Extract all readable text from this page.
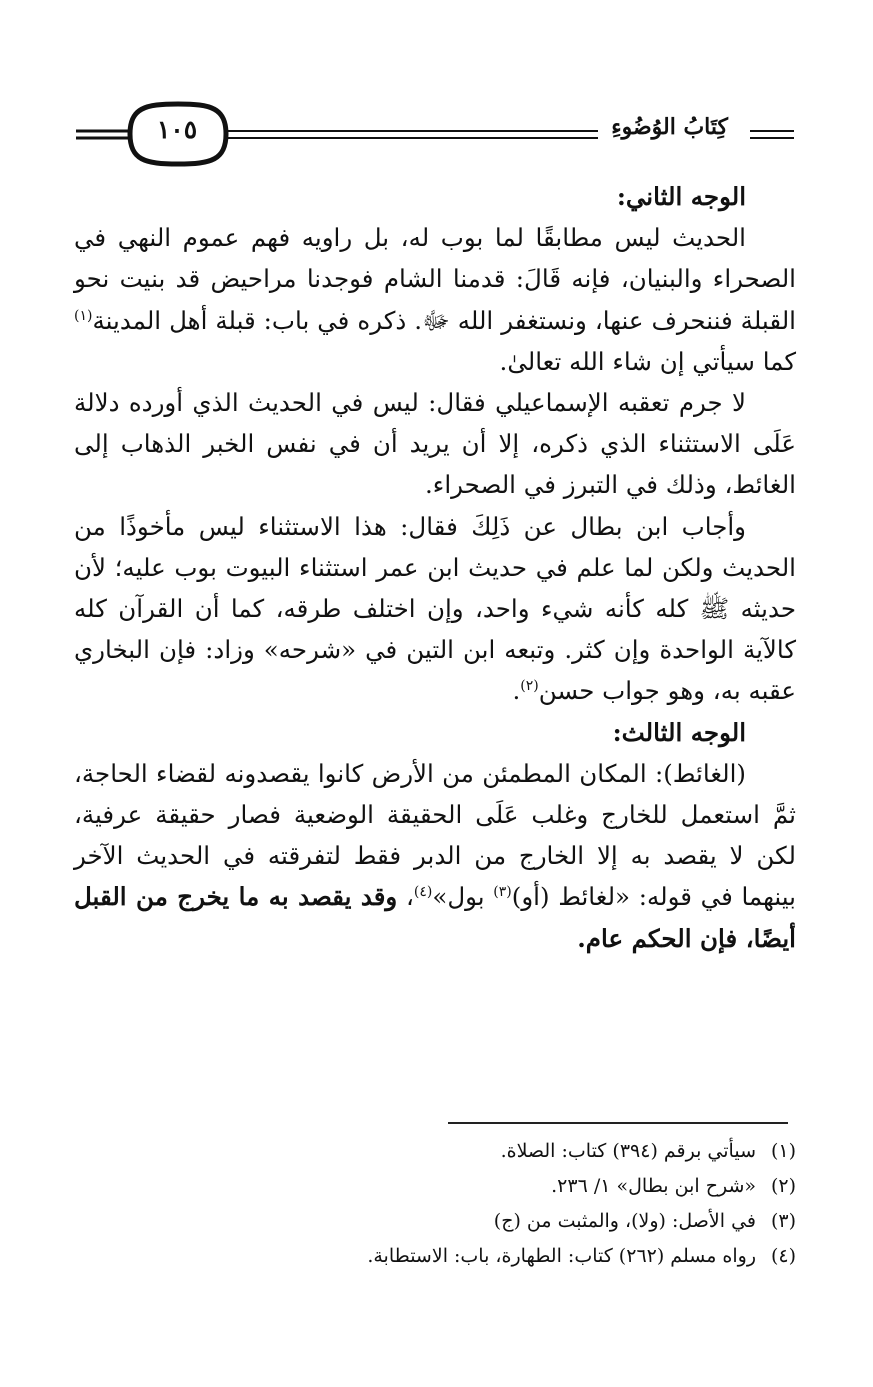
١٠٥	كِتَابُ الوُضُوءِ

الوجه الثاني:

الحديث ليس مطابقًا لما بوب له، بل راويه فهم عموم النهي في الصحراء والبنيان، فإنه قَالَ: قدمنا الشام فوجدنا مراحيض قد بنيت نحو القبلة فننحرف عنها، ونستغفر الله ﷻ. ذكره في باب: قبلة أهل المدينة$^{(١)}$ كما سيأتي إن شاء الله تعالىٰ.

لا جرم تعقبه الإسماعيلي فقال: ليس في الحديث الذي أورده دلالة عَلَى الاستثناء الذي ذكره، إلا أن يريد أن في نفس الخبر الذهاب إلى الغائط، وذلك في التبرز في الصحراء.

وأجاب ابن بطال عن ذَلِكَ فقال: هذا الاستثناء ليس مأخوذًا من الحديث ولكن لما علم في حديث ابن عمر استثناء البيوت بوب عليه؛ لأن حديثه ﷺ كله كأنه شيء واحد، وإن اختلف طرقه، كما أن القرآن كله كالآية الواحدة وإن كثر. وتبعه ابن التين في «شرحه» وزاد: فإن البخاري عقبه به، وهو جواب حسن$^{(٢)}$.

الوجه الثالث:

(الغائط): المكان المطمئن من الأرض كانوا يقصدونه لقضاء الحاجة، ثمَّ استعمل للخارج وغلب عَلَى الحقيقة الوضعية فصار حقيقة عرفية، لكن لا يقصد به إلا الخارج من الدبر فقط لتفرقته في الحديث الآخر بينهما في قوله: «لغائط (أو)$^{(٣)}$ بول»$^{(٤)}$، وقد يقصد به ما يخرج من القبل أيضًا، فإن الحكم عام.

(١)سيأتي برقم (٣٩٤) كتاب: الصلاة.
(٢)«شرح ابن بطال» ١/ ٢٣٦.
(٣)في الأصل: (ولا)، والمثبت من (ج)
(٤)رواه مسلم (٢٦٢) كتاب: الطهارة، باب: الاستطابة.
